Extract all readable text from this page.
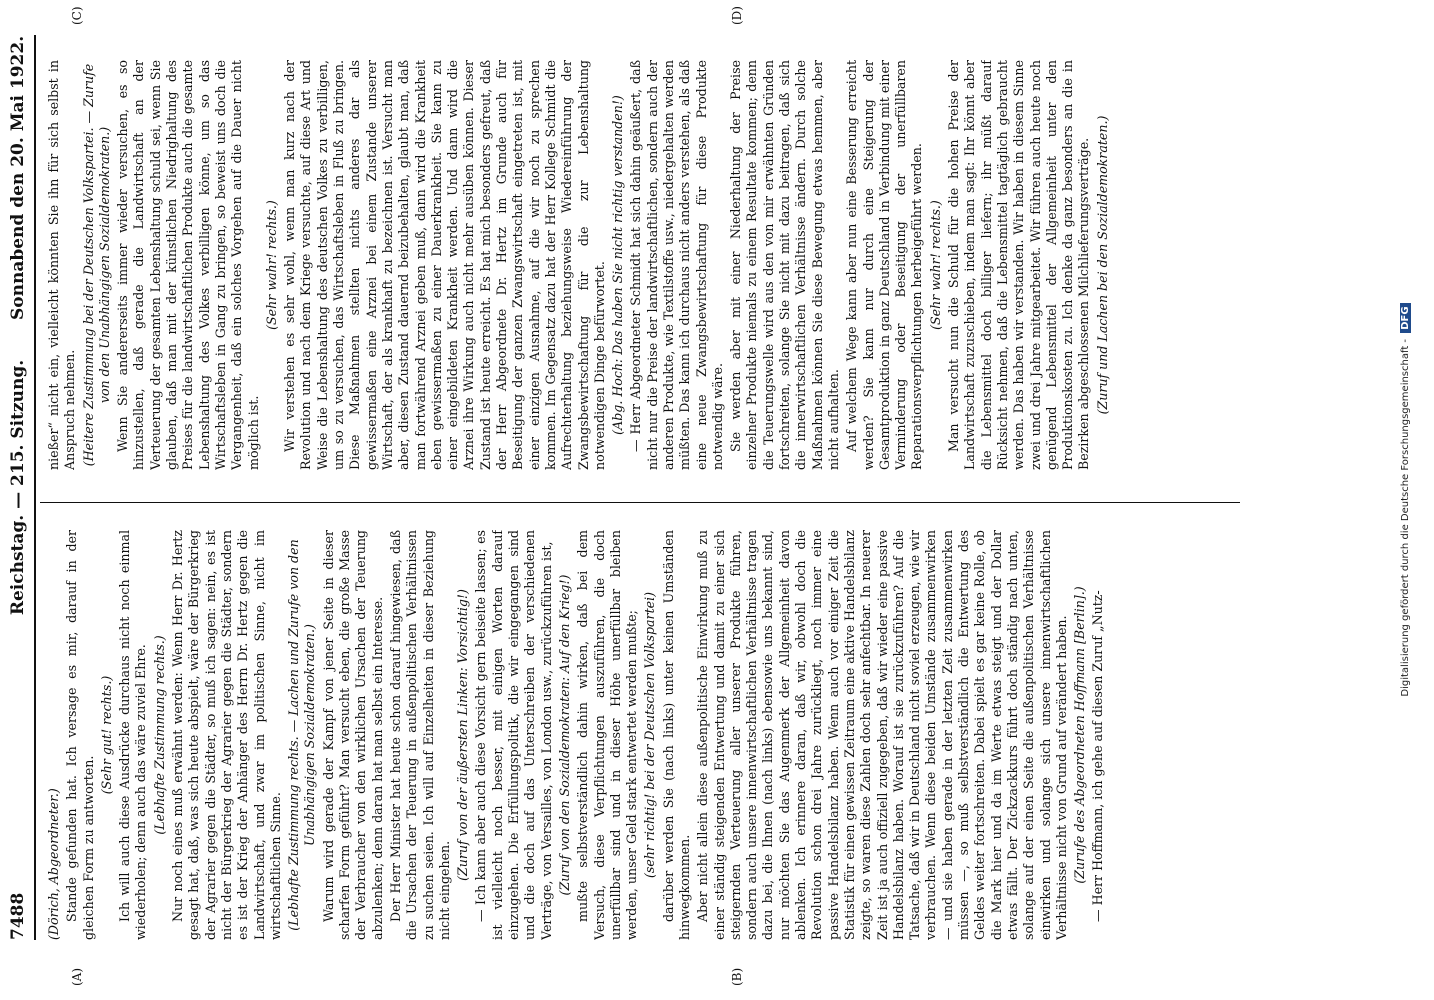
7488
Reichstag. — 215. Sitzung.
Sonnabend den 20. Mai 1922.
(A)	(B)
(C)	(D)

(Dörich, Abgeordneter.) Stande gefunden hat. Ich versage es mir, darauf in der gleichen Form zu antworten.

(Sehr gut! rechts.) Ich will auch diese Ausdrücke durchaus nicht noch einmal wiederholen; denn auch das wäre zuviel Ehre. (Lebhafte Zustimmung rechts.) Nur noch eines muß erwähnt werden: Wenn Herr Dr. Hertz gesagt hat, daß, was sich heute abspielt, wäre der Bürgerkrieg der Agrarier gegen die Städter, so muß ich sagen: nein, es ist nicht der Bürgerkrieg der Agrarier gegen die Städter, sondern es ist der Krieg der Anhänger des Herrn Dr. Hertz gegen die Landwirtschaft, und zwar im politischen Sinne, nicht im wirtschaftlichen Sinne. (Lebhafte Zustimmung rechts. — Lachen und Zurufe von den Unabhängigen Sozialdemokraten.) Warum wird gerade der Kampf von jener Seite in dieser scharfen Form geführt? Man versucht eben, die große Masse der Verbraucher von den wirklichen Ursachen der Teuerung abzulenken; denn daran hat man selbst ein Interesse. Der Herr Minister hat heute schon darauf hingewiesen, daß die Ursachen der Teuerung in außenpolitischen Verhältnissen zu suchen seien. Ich will auf Einzelheiten in dieser Beziehung nicht eingehen.

(Zuruf von der äußersten Linken: Vorsichtig!) — Ich kann aber auch diese Vorsicht gern beiseite lassen; es ist vielleicht noch besser, mit einigen Worten darauf einzugehen. Die Erfüllungspolitik, die wir eingegangen sind und die doch auf das Unterschreiben der verschiedenen Verträge, von Versailles, von London usw., zurückzuführen ist, (Zuruf von den Sozialdemokraten: Auf den Krieg!) mußte selbstverständlich dahin wirken, daß bei dem Versuch, diese Verpflichtungen auszuführen, die doch unerfüllbar sind und in dieser Höhe unerfüllbar bleiben werden, unser Geld stark entwertet werden mußte; (sehr richtig! bei der Deutschen Volkspartei) darüber werden Sie (nach links) unter keinen Umständen hinwegkommen. Aber nicht allein diese außenpolitische Einwirkung muß zu einer ständig steigenden Entwertung und damit zu einer sich steigernden Verteuerung aller unserer Produkte führen, sondern auch unsere innenwirtschaftlichen Verhältnisse tragen dazu bei, die Ihnen (nach links) ebensowie uns bekannt sind, nur möchten Sie das Augenmerk der Allgemeinheit davon ablenken. Ich erinnere daran, daß wir, obwohl doch die Revolution schon drei Jahre zurückliegt, noch immer eine passive Handelsbilanz haben. Wenn auch vor einiger Zeit die Statistik für einen gewissen Zeitraum eine aktive Handelsbilanz zeigte, so waren diese Zahlen doch sehr anfechtbar. In neuerer Zeit ist ja auch offiziell zugegeben, daß wir wieder eine passive Handelsbilanz haben. Worauf ist sie zurückzuführen? Auf die Tatsache, daß wir in Deutschland nicht soviel erzeugen, wie wir verbrauchen. Wenn diese beiden Umstände zusammenwirken — und sie haben gerade in der letzten Zeit zusammenwirken müssen —, so muß selbstverständlich die Entwertung des Geldes weiter fortschreiten. Dabei spielt es gar keine Rolle, ob die Mark hier und da im Werte etwas steigt und der Dollar etwas fällt. Der Zickzackkurs führt doch ständig nach unten, solange auf der einen Seite die außenpolitischen Verhältnisse einwirken und solange sich unsere innenwirtschaftlichen Verhältnisse nicht von Grund auf verändert haben. (Zurufe des Abgeordneten Hoffmann [Berlin].) — Herr Hoffmann, ich gehe auf diesen Zuruf „Nutz-

nießer“ nicht ein, vielleicht könnten Sie ihn für sich selbst in Anspruch nehmen. (Heitere Zustimmung bei der Deutschen Volkspartei. — Zurufe von den Unabhängigen Sozialdemokraten.) Wenn Sie andererseits immer wieder versuchen, es so hinzustellen, daß gerade die Landwirtschaft an der Verteuerung der gesamten Lebenshaltung schuld sei, wenn Sie glauben, daß man mit der künstlichen Niedrighaltung des Preises für die landwirtschaftlichen Produkte auch die gesamte Lebenshaltung des Volkes verbilligen könne, um so das Wirtschaftsleben in Gang zu bringen, so beweist uns doch die Vergangenheit, daß ein solches Vorgehen auf die Dauer nicht möglich ist.

(Sehr wahr! rechts.) Wir verstehen es sehr wohl, wenn man kurz nach der Revolution und nach dem Kriege versuchte, auf diese Art und Weise die Lebenshaltung des deutschen Volkes zu verbilligen, um so zu versuchen, das Wirtschaftsleben in Fluß zu bringen. Diese Maßnahmen stellten nichts anderes dar als gewissermaßen eine Arznei bei einem Zustande unserer Wirtschaft, der als krankhaft zu bezeichnen ist. Versucht man aber, diesen Zustand dauernd beizubehalten, glaubt man, daß man fortwährend Arznei geben muß, dann wird die Krankheit eben gewissermaßen zu einer Dauerkrankheit. Sie kann zu einer eingebildeten Krankheit werden. Und dann wird die Arznei ihre Wirkung auch nicht mehr ausüben können. Dieser Zustand ist heute erreicht. Es hat mich besonders gefreut, daß der Herr Abgeordnete Dr. Hertz im Grunde auch für Beseitigung der ganzen Zwangswirtschaft eingetreten ist, mit einer einzigen Ausnahme, auf die wir noch zu sprechen kommen. Im Gegensatz dazu hat der Herr Kollege Schmidt die Aufrechterhaltung beziehungsweise Wiedereinführung der Zwangsbewirtschaftung für die zur Lebenshaltung notwendigen Dinge befürwortet. (Abg. Hoch: Das haben Sie nicht richtig verstanden!) — Herr Abgeordneter Schmidt hat sich dahin geäußert, daß nicht nur die Preise der landwirtschaftlichen, sondern auch der anderen Produkte, wie Textilstoffe usw., niedergehalten werden müßten. Das kann ich durchaus nicht anders verstehen, als daß eine neue Zwangsbewirtschaftung für diese Produkte notwendig wäre. Sie werden aber mit einer Niederhaltung der Preise einzelner Produkte niemals zu einem Resultate kommen; denn die Teuerungswelle wird aus den von mir erwähnten Gründen fortschreiten, solange Sie nicht mit dazu beitragen, daß sich die innerwirtschaftlichen Verhältnisse ändern. Durch solche Maßnahmen können Sie diese Bewegung etwas hemmen, aber nicht aufhalten. Auf welchem Wege kann aber nun eine Besserung erreicht werden? Sie kann nur durch eine Steigerung der Gesamtproduktion in ganz Deutschland in Verbindung mit einer Verminderung oder Beseitigung der unerfüllbaren Reparationsverpflichtungen herbeigeführt werden. (Sehr wahr! rechts.) Man versucht nun die Schuld für die hohen Preise der Landwirtschaft zuzuschieben, indem man sagt: Ihr könnt aber die Lebensmittel doch billiger liefern; ihr müßt darauf Rücksicht nehmen, daß die Lebensmittel tagtäglich gebraucht werden. Das haben wir verstanden. Wir haben in diesem Sinne zwei und drei Jahre mitgearbeitet. Wir führen auch heute noch genügend Lebensmittel der Allgemeinheit unter den Produktionskosten zu. Ich denke da ganz besonders an die in Bezirken abgeschlossenen Milchlieferungsverträge. (Zuruf und Lachen bei den Sozialdemokraten.)

Digitalisierung gefördert durch die Deutsche Forschungsgemeinschaft - DFG
